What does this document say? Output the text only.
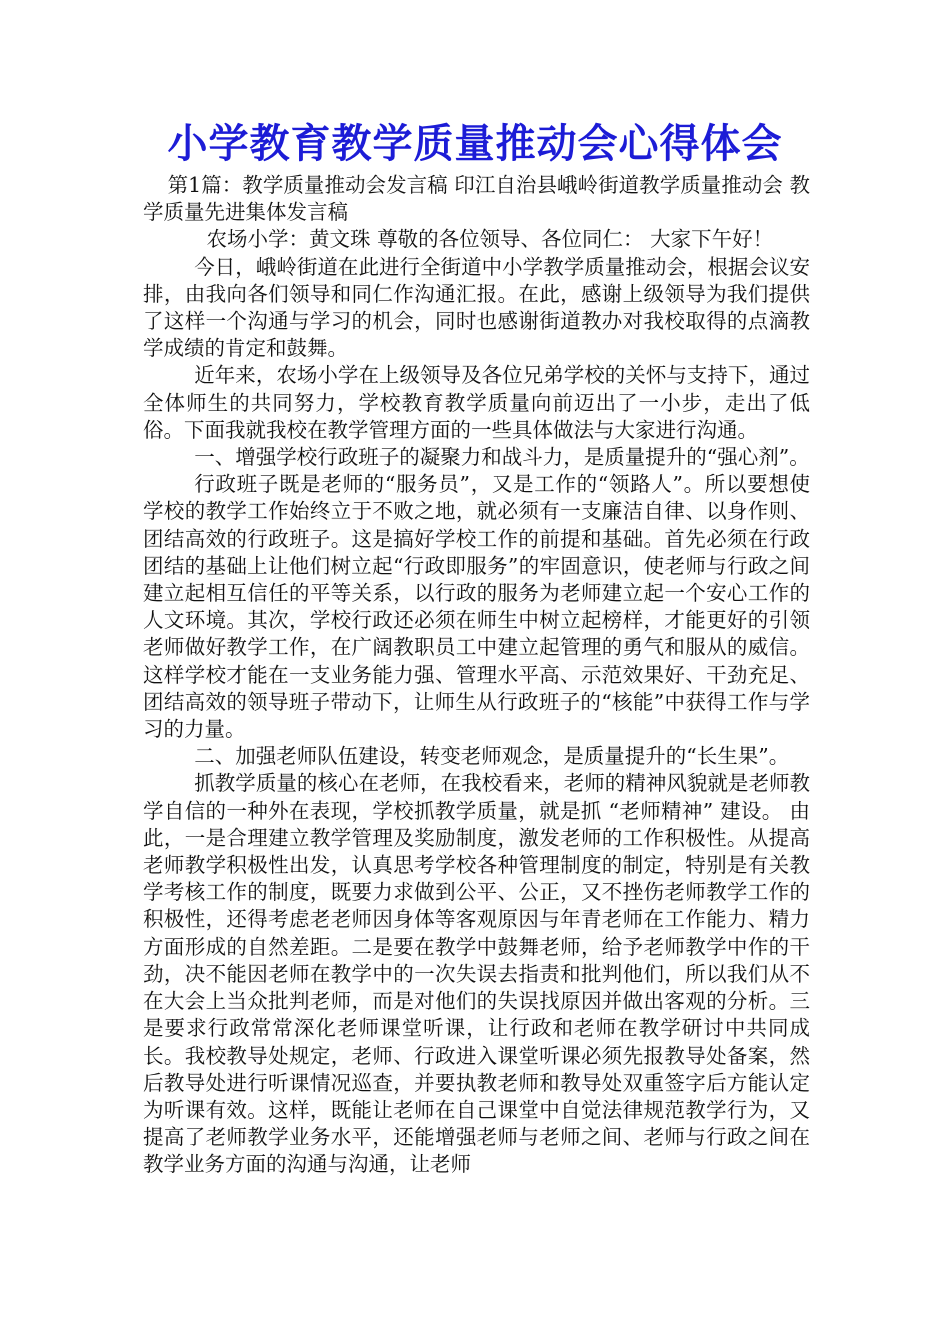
小学教育教学质量推动会心得体会

第1篇：教学质量推动会发言稿 印江自治县峨岭街道教学质量推动会 教学质量先进集体发言稿

农场小学：黄文珠 尊敬的各位领导、各位同仁： 大家下午好！

今日，峨岭街道在此进行全街道中小学教学质量推动会，根据会议安排，由我向各们领导和同仁作沟通汇报。在此，感谢上级领导为我们提供了这样一个沟通与学习的机会，同时也感谢街道教办对我校取得的点滴教学成绩的肯定和鼓舞。

近年来，农场小学在上级领导及各位兄弟学校的关怀与支持下，通过全体师生的共同努力，学校教育教学质量向前迈出了一小步，走出了低俗。下面我就我校在教学管理方面的一些具体做法与大家进行沟通。

一、增强学校行政班子的凝聚力和战斗力，是质量提升的“强心剂”。

行政班子既是老师的“服务员”，又是工作的“领路人”。所以要想使学校的教学工作始终立于不败之地，就必须有一支廉洁自律、以身作则、团结高效的行政班子。这是搞好学校工作的前提和基础。首先必须在行政团结的基础上让他们树立起“行政即服务”的牢固意识，使老师与行政之间建立起相互信任的平等关系，以行政的服务为老师建立起一个安心工作的人文环境。其次，学校行政还必须在师生中树立起榜样，才能更好的引领老师做好教学工作，在广阔教职员工中建立起管理的勇气和服从的威信。这样学校才能在一支业务能力强、管理水平高、示范效果好、干劲充足、团结高效的领导班子带动下，让师生从行政班子的“核能”中获得工作与学习的力量。

二、加强老师队伍建设，转变老师观念，是质量提升的“长生果”。

抓教学质量的核心在老师，在我校看来，老师的精神风貌就是老师教学自信的一种外在表现，学校抓教学质量，就是抓 “老师精神” 建设。 由此，一是合理建立教学管理及奖励制度，激发老师的工作积极性。从提高老师教学积极性出发，认真思考学校各种管理制度的制定，特别是有关教学考核工作的制度，既要力求做到公平、公正，又不挫伤老师教学工作的积极性，还得考虑老老师因身体等客观原因与年青老师在工作能力、精力方面形成的自然差距。二是要在教学中鼓舞老师，给予老师教学中作的干劲，决不能因老师在教学中的一次失误去指责和批判他们，所以我们从不在大会上当众批判老师，而是对他们的失误找原因并做出客观的分析。三是要求行政常常深化老师课堂听课，让行政和老师在教学研讨中共同成长。我校教导处规定，老师、行政进入课堂听课必须先报教导处备案，然后教导处进行听课情况巡查，并要执教老师和教导处双重签字后方能认定为听课有效。这样，既能让老师在自己课堂中自觉法律规范教学行为，又提高了老师教学业务水平，还能增强老师与老师之间、老师与行政之间在教学业务方面的沟通与沟通，让老师
